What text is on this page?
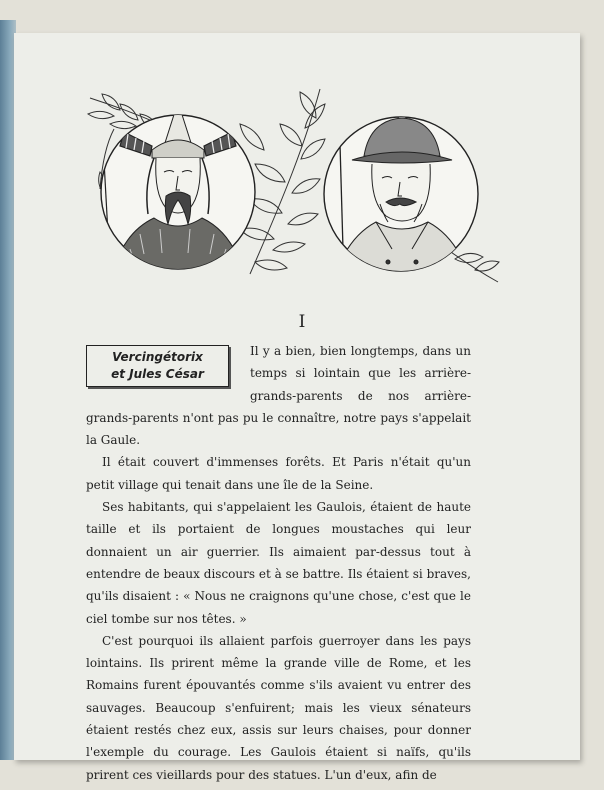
I
Vercingétorix
et Jules César

Il y a bien, bien longtemps, dans un temps si lointain que les arrière-grands-parents de nos arrière-grands-parents n'ont pas pu le connaître, notre pays s'appelait la Gaule.

Il était couvert d'immenses forêts. Et Paris n'était qu'un petit village qui tenait dans une île de la Seine.

Ses habitants, qui s'appelaient les Gaulois, étaient de haute taille et ils portaient de longues moustaches qui leur donnaient un air guerrier. Ils aimaient par-dessus tout à entendre de beaux discours et à se battre. Ils étaient si braves, qu'ils disaient : « Nous ne craignons qu'une chose, c'est que le ciel tombe sur nos têtes. »

C'est pourquoi ils allaient parfois guerroyer dans les pays lointains. Ils prirent même la grande ville de Rome, et les Romains furent épouvantés comme s'ils avaient vu entrer des sauvages. Beaucoup s'enfuirent; mais les vieux sénateurs étaient restés chez eux, assis sur leurs chaises, pour donner l'exemple du courage. Les Gaulois étaient si naïfs, qu'ils prirent ces vieillards pour des statues. L'un d'eux, afin de
